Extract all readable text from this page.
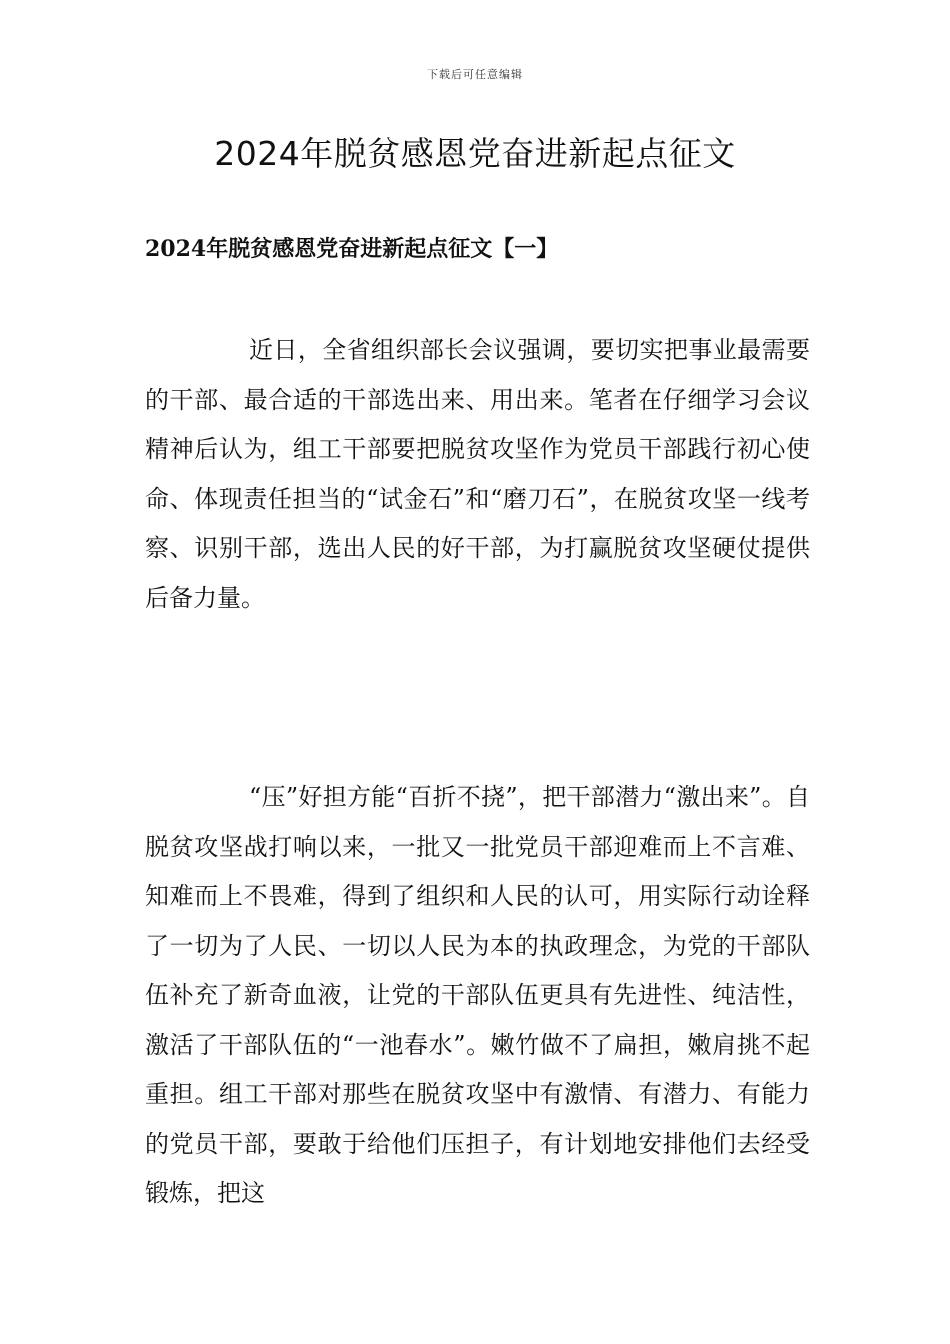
下载后可任意编辑
2024年脱贫感恩党奋进新起点征文
2024年脱贫感恩党奋进新起点征文【一】

近日，全省组织部长会议强调，要切实把事业最需要的干部、最合适的干部选出来、用出来。笔者在仔细学习会议精神后认为，组工干部要把脱贫攻坚作为党员干部践行初心使命、体现责任担当的“试金石”和“磨刀石”，在脱贫攻坚一线考察、识别干部，选出人民的好干部，为打赢脱贫攻坚硬仗提供后备力量。

“压”好担方能“百折不挠”，把干部潜力“激出来”。自脱贫攻坚战打响以来，一批又一批党员干部迎难而上不言难、知难而上不畏难，得到了组织和人民的认可，用实际行动诠释了一切为了人民、一切以人民为本的执政理念，为党的干部队伍补充了新奇血液，让党的干部队伍更具有先进性、纯洁性，激活了干部队伍的“一池春水”。嫩竹做不了扁担，嫩肩挑不起重担。组工干部对那些在脱贫攻坚中有激情、有潜力、有能力的党员干部，要敢于给他们压担子，有计划地安排他们去经受锻炼，把这
